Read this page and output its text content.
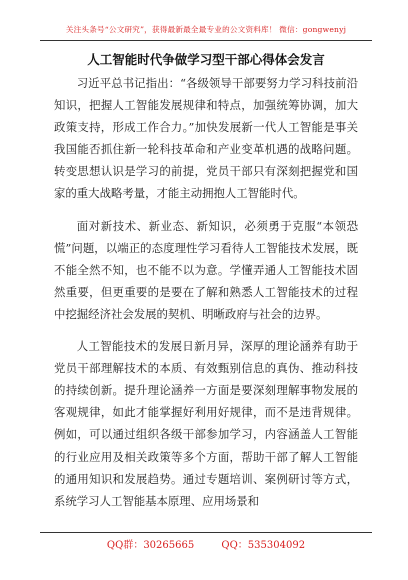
关注头条号“公文研究”，获得最新最全最专业的公文资料库！ 微信：gongwenyj
人工智能时代争做学习型干部心得体会发言

习近平总书记指出：“各级领导干部要努力学习科技前沿知识，把握人工智能发展规律和特点，加强统筹协调，加大政策支持，形成工作合力。”加快发展新一代人工智能是事关我国能否抓住新一轮科技革命和产业变革机遇的战略问题。转变思想认识是学习的前提，党员干部只有深刻把握党和国家的重大战略考量，才能主动拥抱人工智能时代。

面对新技术、新业态、新知识，必须勇于克服“本领恐慌”问题，以端正的态度理性学习看待人工智能技术发展，既不能全然不知，也不能不以为意。学懂弄通人工智能技术固然重要，但更重要的是要在了解和熟悉人工智能技术的过程中挖掘经济社会发展的契机、明晰政府与社会的边界。

人工智能技术的发展日新月异，深厚的理论涵养有助于党员干部理解技术的本质、有效甄别信息的真伪、推动科技的持续创新。提升理论涵养一方面是要深刻理解事物发展的客观规律，如此才能掌握好利用好规律，而不是违背规律。例如，可以通过组织各级干部参加学习，内容涵盖人工智能的行业应用及相关政策等多个方面，帮助干部了解人工智能的通用知识和发展趋势。通过专题培训、案例研讨等方式，系统学习人工智能基本原理、应用场景和

QQ群：30265665	QQ：535304092
